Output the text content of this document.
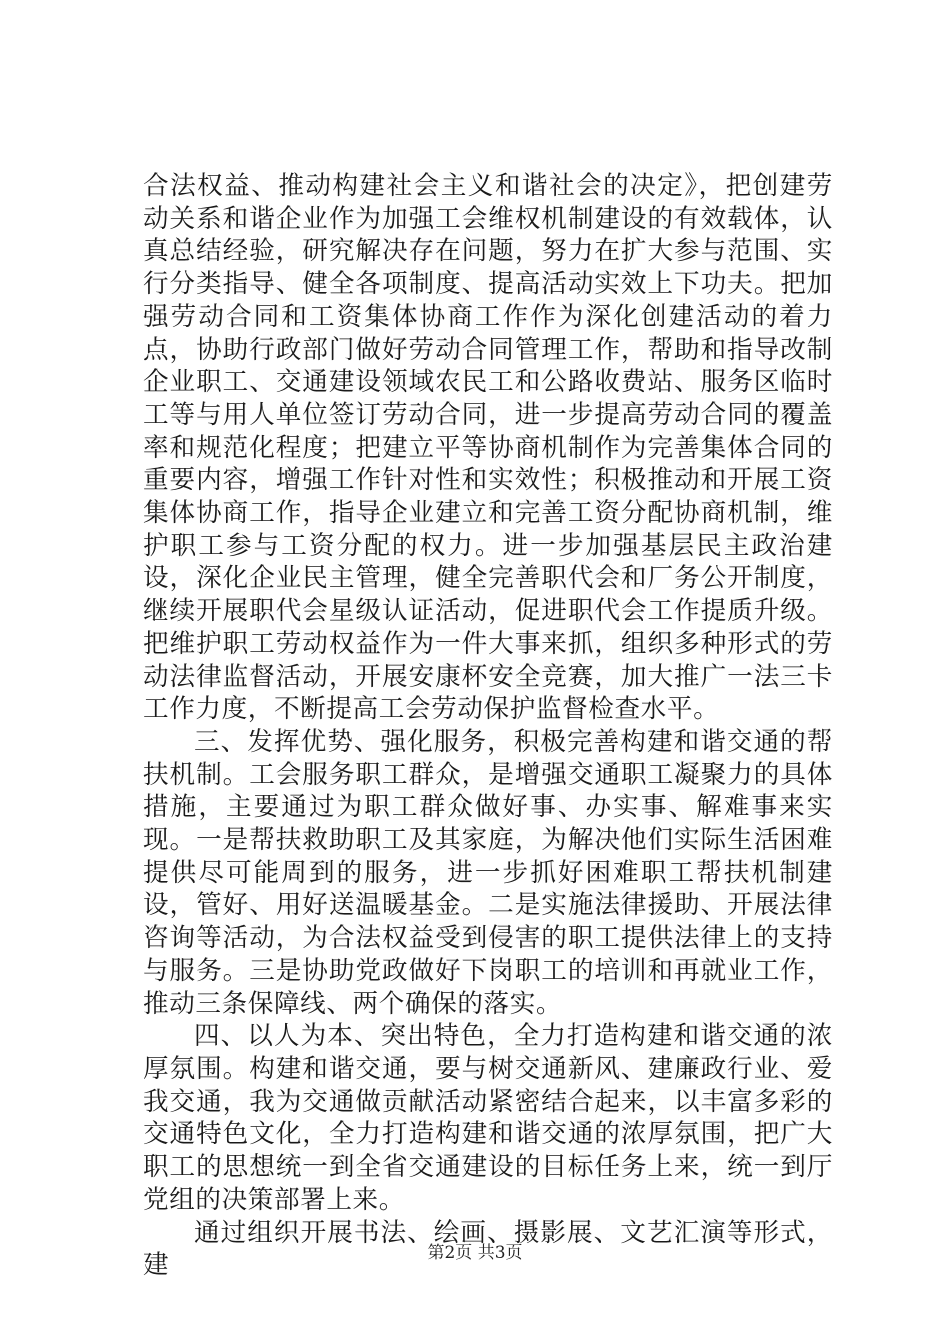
合法权益、推动构建社会主义和谐社会的决定》，把创建劳动关系和谐企业作为加强工会维权机制建设的有效载体，认真总结经验，研究解决存在问题，努力在扩大参与范围、实行分类指导、健全各项制度、提高活动实效上下功夫。把加强劳动合同和工资集体协商工作作为深化创建活动的着力点，协助行政部门做好劳动合同管理工作，帮助和指导改制企业职工、交通建设领域农民工和公路收费站、服务区临时工等与用人单位签订劳动合同，进一步提高劳动合同的覆盖率和规范化程度；把建立平等协商机制作为完善集体合同的重要内容，增强工作针对性和实效性；积极推动和开展工资集体协商工作，指导企业建立和完善工资分配协商机制，维护职工参与工资分配的权力。进一步加强基层民主政治建设，深化企业民主管理，健全完善职代会和厂务公开制度，继续开展职代会星级认证活动，促进职代会工作提质升级。把维护职工劳动权益作为一件大事来抓，组织多种形式的劳动法律监督活动，开展安康杯安全竞赛，加大推广一法三卡工作力度，不断提高工会劳动保护监督检查水平。

三、发挥优势、强化服务，积极完善构建和谐交通的帮扶机制。工会服务职工群众，是增强交通职工凝聚力的具体措施，主要通过为职工群众做好事、办实事、解难事来实现。一是帮扶救助职工及其家庭，为解决他们实际生活困难提供尽可能周到的服务，进一步抓好困难职工帮扶机制建设，管好、用好送温暖基金。二是实施法律援助、开展法律咨询等活动，为合法权益受到侵害的职工提供法律上的支持与服务。三是协助党政做好下岗职工的培训和再就业工作，推动三条保障线、两个确保的落实。

四、以人为本、突出特色，全力打造构建和谐交通的浓厚氛围。构建和谐交通，要与树交通新风、建廉政行业、爱我交通，我为交通做贡献活动紧密结合起来，以丰富多彩的交通特色文化，全力打造构建和谐交通的浓厚氛围，把广大职工的思想统一到全省交通建设的目标任务上来，统一到厅党组的决策部署上来。

通过组织开展书法、绘画、摄影展、文艺汇演等形式，建	第2页 共3页
